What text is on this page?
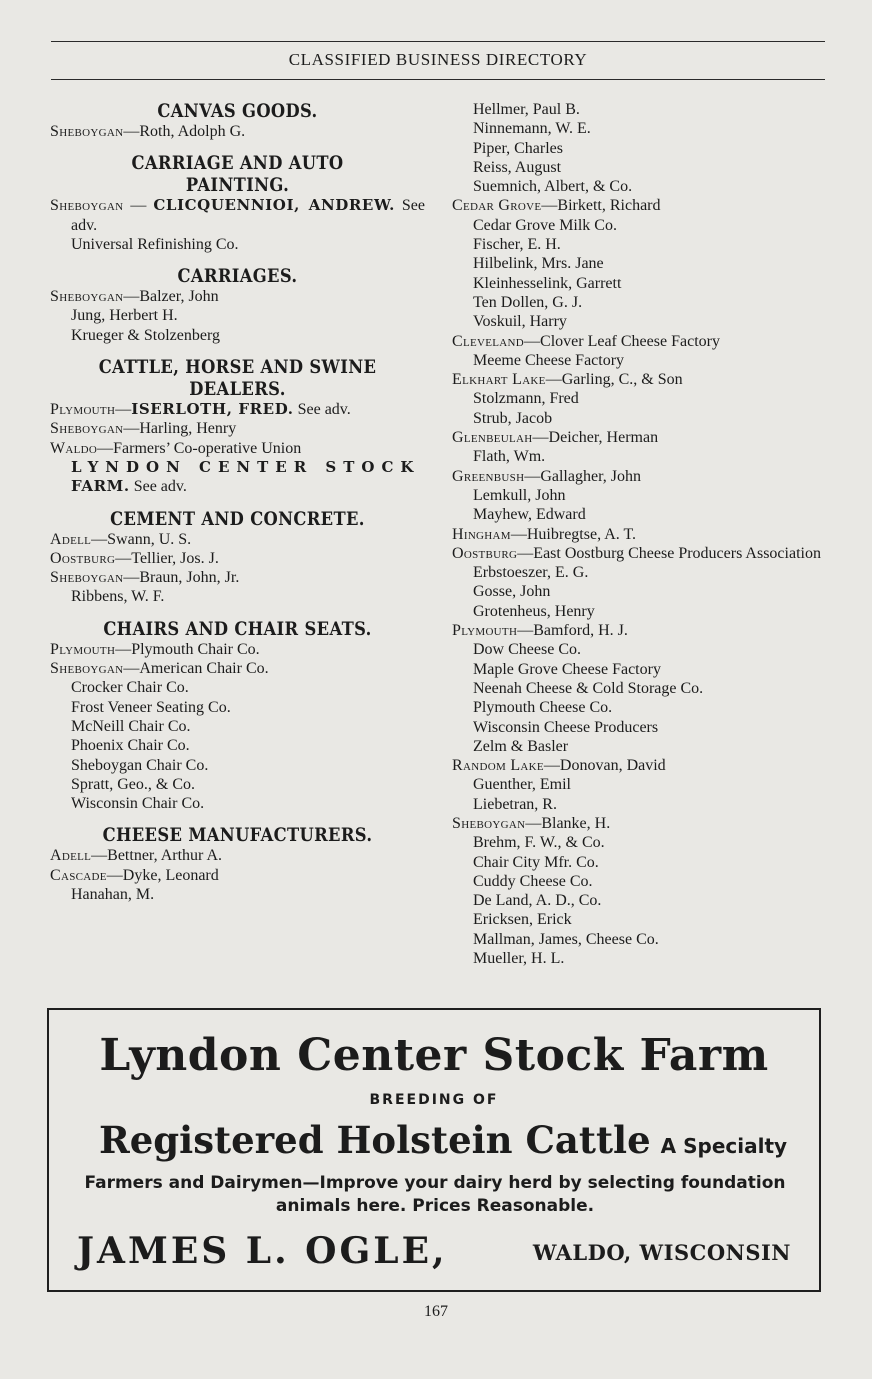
CLASSIFIED BUSINESS DIRECTORY
CANVAS GOODS.
Sheboygan—Roth, Adolph G.
CARRIAGE AND AUTO
PAINTING.
Sheboygan — CLICQUENNIOI, ANDREW. See adv.
Universal Refinishing Co.
CARRIAGES.
Sheboygan—Balzer, John
Jung, Herbert H.
Krueger & Stolzenberg
CATTLE, HORSE AND SWINE
DEALERS.
Plymouth—ISERLOTH, FRED. See adv.
Sheboygan—Harling, Henry
Waldo—Farmers’ Co-operative Union
LYNDON CENTER STOCK
FARM. See adv.
CEMENT AND CONCRETE.
Adell—Swann, U. S.
Oostburg—Tellier, Jos. J.
Sheboygan—Braun, John, Jr.
Ribbens, W. F.
CHAIRS AND CHAIR SEATS.
Plymouth—Plymouth Chair Co.
Sheboygan—American Chair Co.
Crocker Chair Co.
Frost Veneer Seating Co.
McNeill Chair Co.
Phoenix Chair Co.
Sheboygan Chair Co.
Spratt, Geo., & Co.
Wisconsin Chair Co.
CHEESE MANUFACTURERS.
Adell—Bettner, Arthur A.
Cascade—Dyke, Leonard
Hanahan, M.
Hellmer, Paul B.
Ninnemann, W. E.
Piper, Charles
Reiss, August
Suemnich, Albert, & Co.
Cedar Grove—Birkett, Richard
Cedar Grove Milk Co.
Fischer, E. H.
Hilbelink, Mrs. Jane
Kleinhesselink, Garrett
Ten Dollen, G. J.
Voskuil, Harry
Cleveland—Clover Leaf Cheese Factory
Meeme Cheese Factory
Elkhart Lake—Garling, C., & Son
Stolzmann, Fred
Strub, Jacob
Glenbeulah—Deicher, Herman
Flath, Wm.
Greenbush—Gallagher, John
Lemkull, John
Mayhew, Edward
Hingham—Huibregtse, A. T.
Oostburg—East Oostburg Cheese Producers Association
Erbstoeszer, E. G.
Gosse, John
Grotenheus, Henry
Plymouth—Bamford, H. J.
Dow Cheese Co.
Maple Grove Cheese Factory
Neenah Cheese & Cold Storage Co.
Plymouth Cheese Co.
Wisconsin Cheese Producers
Zelm & Basler
Random Lake—Donovan, David
Guenther, Emil
Liebetran, R.
Sheboygan—Blanke, H.
Brehm, F. W., & Co.
Chair City Mfr. Co.
Cuddy Cheese Co.
De Land, A. D., Co.
Ericksen, Erick
Mallman, James, Cheese Co.
Mueller, H. L.
Lyndon Center Stock Farm
BREEDING OF
Registered Holstein Cattle A Specialty
Farmers and Dairymen—Improve your dairy herd by selecting foundation animals here. Prices Reasonable.
JAMES L. OGLE,	WALDO, WISCONSIN
167
